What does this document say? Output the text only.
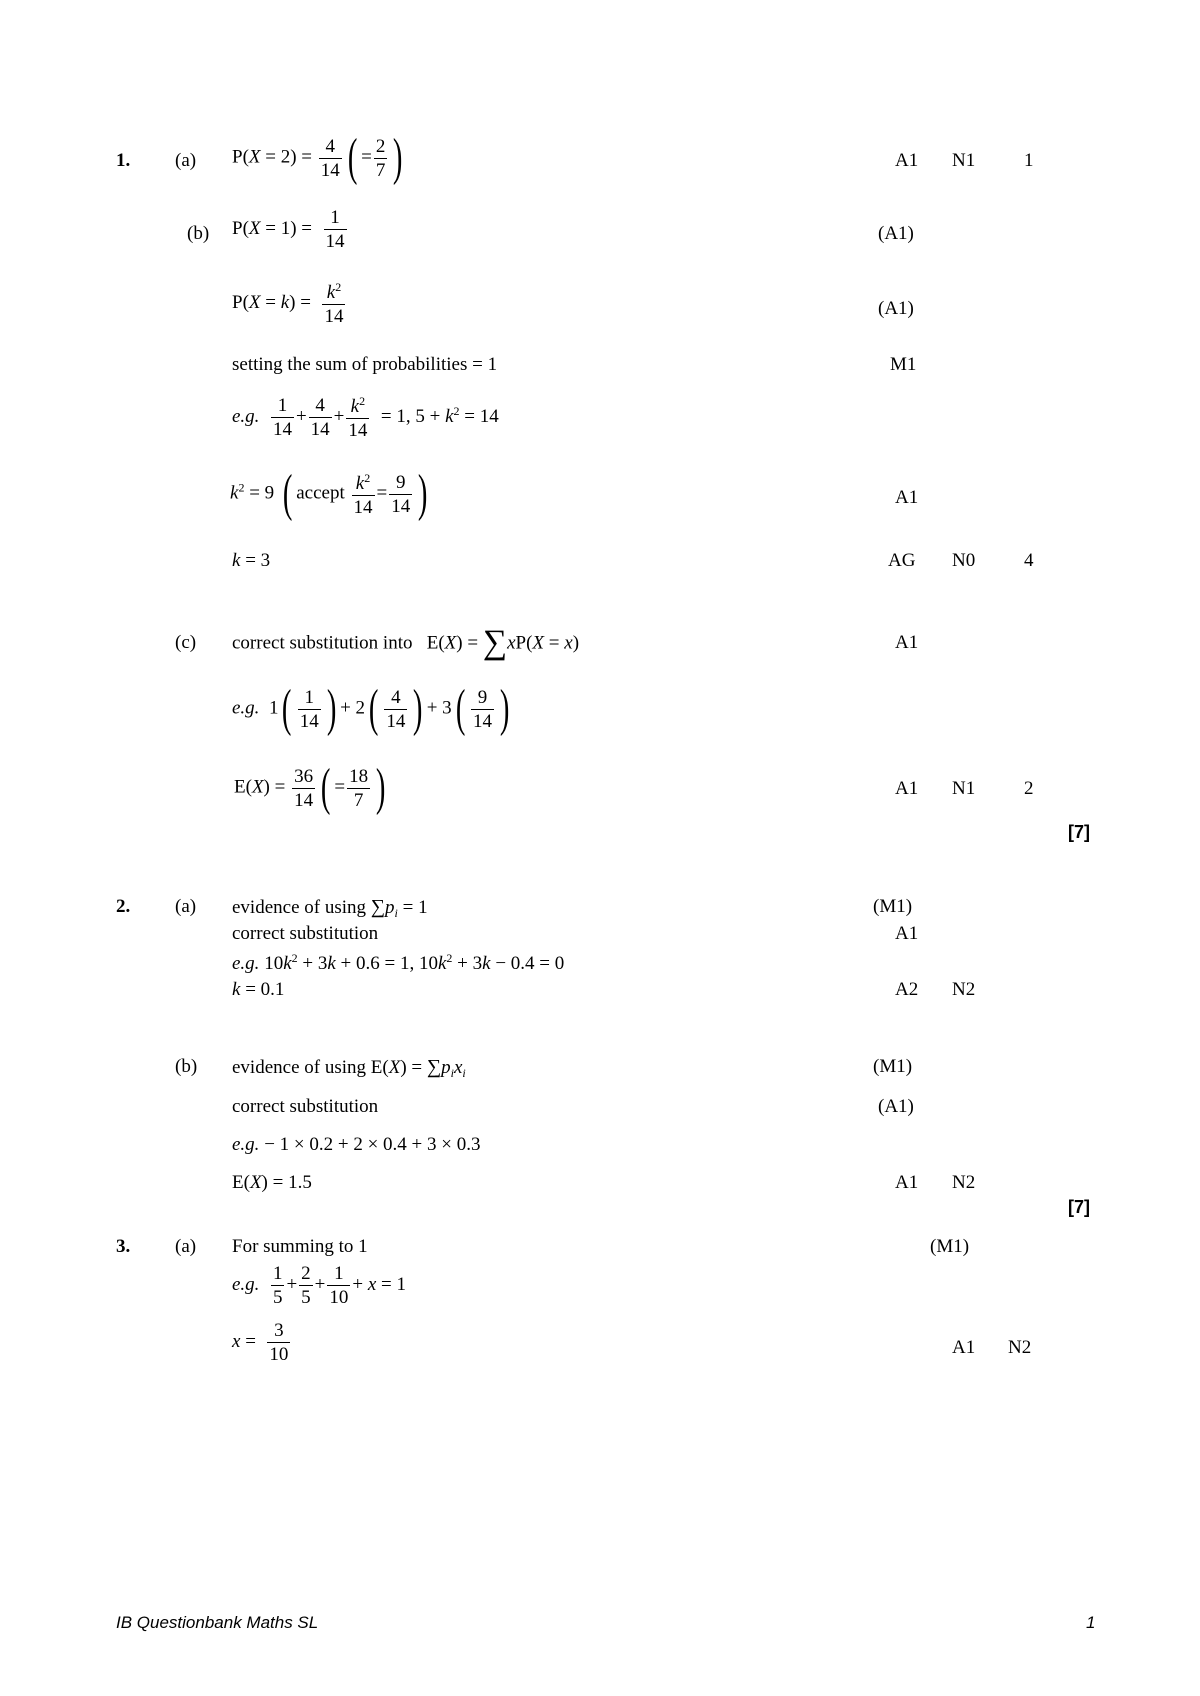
1. (a) $P(X = 2) = \frac{4}{14}$ ( = $\frac{2}{7}$ )	A1 N1	1
(b) $P(X = 1) = \frac{1}{14}$	(A1)
$P(X = k) = \frac{k^2}{14}$	(A1)
setting the sum of probabilities = 1	M1
e.g. $\frac{1}{14} + \frac{4}{14} + \frac{k^2}{14} = 1$, $5 + k^2 = 14$
$k^2 = 9$ ( accept $\frac{k^2}{14} = \frac{9}{14}$ )	A1
k = 3	AG N0	4
(c) correct substitution into E(X) = ∑xP(X = x)	A1
e.g.  $1( \frac{1}{14}$ ) + $2( \frac{4}{14}$ ) + $3( \frac{9}{14}$ )
$E(X) = \frac{36}{14}$ ( = $\frac{18}{7}$ )	A1 N1	2
[7]
2. (a) evidence of using $\sum p_i = 1$	(M1)
correct substitution	A1
e.g. $10k^2 + 3k + 0.6 = 1$, $10k^2 + 3k - 0.4 = 0$
k = 0.1	A2 N2
(b) evidence of using $E(X) = \sum p_ix_i$	(M1)
correct substitution	(A1)
e.g. − 1 × 0.2 + 2 × 0.4 + 3 × 0.3
E(X) = 1.5	A1 N2
[7]
3. (a) For summing to 1	(M1)
e.g. $\frac{1}{5} + \frac{2}{5} + \frac{1}{10} + x = 1$
$x = \frac{3}{10}$	A1 N2
IB Questionbank Maths SL	1
